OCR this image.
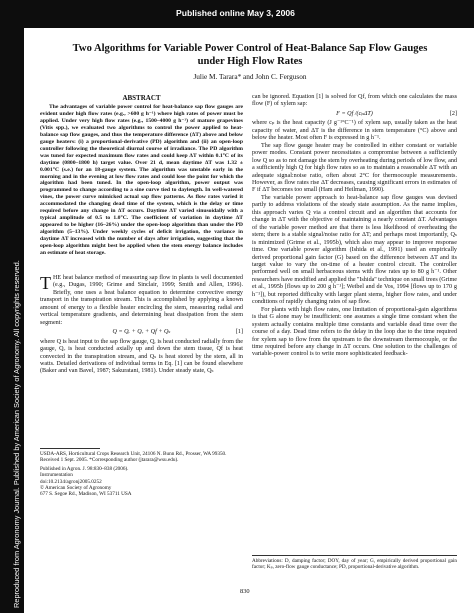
Published online May 3, 2006
Reproduced from Agronomy Journal. Published by American Society of Agronomy. All copyrights reserved.
Two Algorithms for Variable Power Control of Heat-Balance Sap Flow Gauges
under High Flow Rates
Julie M. Tarara* and John C. Ferguson
ABSTRACT

The advantages of variable power control for heat-balance sap flow gauges are evident under high flow rates (e.g., >600 g h⁻¹) where high rates of power must be applied. Under very high flow rates (e.g., 1500–4000 g h⁻¹) of mature grapevines (Vitis spp.), we evaluated two algorithms to control the power applied to heat-balance sap flow gauges, and thus the temperature difference (ΔT) above and below gauge heaters: (i) a proportional-derivative (PD) algorithm and (ii) an open-loop controller following the theoretical diurnal course of irradiance. The PD algorithm was tuned for expected maximum flow rates and could keep ΔT within 0.1°C of its daytime (0800–1800 h) target value. Over 21 d, mean daytime ΔT was 1.32 ± 0.001°C (s.e.) for an 18-gauge system. The algorithm was unstable early in the morning and in the evening at low flow rates and could lose the point for which the algorithm had been tuned. In the open-loop algorithm, power output was programmed to change according to a sine curve tied to daylength. In well-watered vines, the power curve mimicked actual sap flow patterns. As flow rates varied it accommodated the changing dead time of the system, which is the delay or time required before any change in ΔT occurs. Daytime ΔT varied sinusoidally with a typical amplitude of 0.5 to 1.0°C. The coefficient of variation in daytime ΔT appeared to be higher (16–26%) under the open-loop algorithm than under the PD algorithm (5–13%). Under weekly cycles of deficit irrigation, the variance in daytime ΔT increased with the number of days after irrigation, suggesting that the open-loop algorithm might best be applied when the stem energy balance includes an estimate of heat storage.

THE heat balance method of measuring sap flow in plants is well documented (e.g., Dugas, 1990; Grime and Sinclair, 1999; Smith and Allen, 1996). Briefly, one uses a heat balance equation to determine convective energy transport in the transpiration stream. This is accomplished by applying a known amount of energy to a flexible heater encircling the stem, measuring radial and vertical temperature gradients, and determining heat dissipation from the stem segment:
Q = Qᵣ + Qᵥ + Qf + Qₛ	[1]
where Q is heat input to the sap flow gauge, Qᵣ is heat conducted radially from the gauge, Qᵥ is heat conducted axially up and down the stem tissue, Qf is heat convected in the transpiration stream, and Qₛ is heat stored by the stem, all in watts. Detailed derivations of individual terms in Eq. [1] can be found elsewhere (Baker and van Bavel, 1987; Sakuratani, 1981). Under steady state, Qₛ

USDA-ARS, Horticultural Crops Research Unit, 24106 N. Bunn Rd., Prosser, WA 99350. Received 1 Sept. 2005. *Corresponding author (jtarara@wsu.edu).

Published in Agron. J. 98:830–838 (2006).
Instrumentation
doi:10.2134/agronj2005.0252
© American Society of Agronomy
677 S. Segoe Rd., Madison, WI 53711 USA
can be ignored. Equation [1] is solved for Qf, from which one calculates the mass flow (F) of xylem sap:
F = Qf /(cₚΔT)	[2]

where cₚ is the heat capacity (J g⁻¹°C⁻¹) of xylem sap, usually taken as the heat capacity of water, and ΔT is the difference in stem temperature (°C) above and below the heater. Most often F is expressed in g h⁻¹.

The sap flow gauge heater may be controlled in either constant or variable power modes. Constant power necessitates a compromise between a sufficiently low Q so as to not damage the stem by overheating during periods of low flow, and a sufficiently high Q for high flow rates so as to maintain a reasonable ΔT with an adequate signal:noise ratio, often about 2°C for thermocouple measurements. However, as flow rates rise ΔT decreases, causing significant errors in estimates of F if ΔT becomes too small (Ham and Heilman, 1990).

The variable power approach to heat-balance sap flow gauges was devised partly to address violations of the steady state assumption. As the name implies, this approach varies Q via a control circuit and an algorithm that accounts for change in ΔT with the objective of maintaining a nearly constant ΔT. Advantages of the variable power method are that there is less likelihood of overheating the stem; there is a stable signal/noise ratio for ΔT; and perhaps most importantly, Qₛ is minimized (Grime et al., 1995b), which also may appear to improve response time. One variable power algorithm (Ishida et al., 1991) used an empirically derived proportional gain factor (G) based on the difference between ΔT and its target value to vary the on-time of a heater control circuit. The controller performed well on small herbaceous stems with flow rates up to 80 g h⁻¹. Other researchers have modified and applied the ''Ishida'' technique on small trees (Grime et al., 1995b [flows up to 200 g h⁻¹]; Weibel and de Vos, 1994 [flows up to 170 g h⁻¹]), but reported difficulty with larger plant stems, higher flow rates, and under conditions of rapidly changing rates of sap flow.

For plants with high flow rates, one limitation of proportional-gain algorithms is that G alone may be insufficient: one assumes a single time constant when the system actually contains multiple time constants and variable dead time over the course of a day. Dead time refers to the delay in the loop due to the time required for xylem sap to flow from the upstream to the downstream thermocouple, or the time required before any change in ΔT occurs. One solution to the challenges of variable-power control is to write more sophisticated feedback-

Abbreviations: D, damping factor; DOY, day of year; G, empirically derived proportional gain factor; Kₚ, zero-flow gauge conductance; PD, proportional-derivative algorithm.
830
